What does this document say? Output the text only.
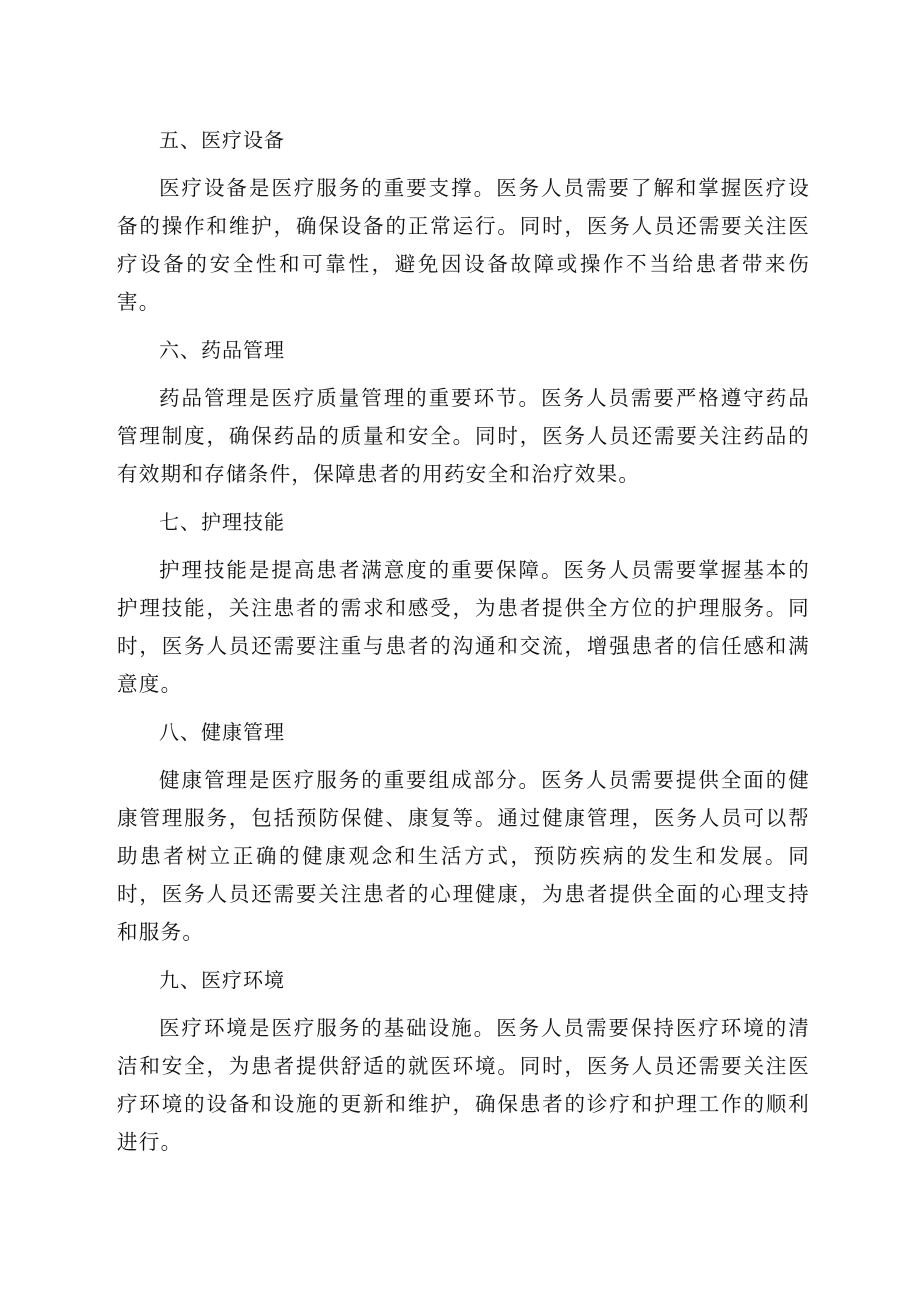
五、医疗设备

医疗设备是医疗服务的重要支撑。医务人员需要了解和掌握医疗设备的操作和维护，确保设备的正常运行。同时，医务人员还需要关注医疗设备的安全性和可靠性，避免因设备故障或操作不当给患者带来伤害。

六、药品管理

药品管理是医疗质量管理的重要环节。医务人员需要严格遵守药品管理制度，确保药品的质量和安全。同时，医务人员还需要关注药品的有效期和存储条件，保障患者的用药安全和治疗效果。

七、护理技能

护理技能是提高患者满意度的重要保障。医务人员需要掌握基本的护理技能，关注患者的需求和感受，为患者提供全方位的护理服务。同时，医务人员还需要注重与患者的沟通和交流，增强患者的信任感和满意度。

八、健康管理

健康管理是医疗服务的重要组成部分。医务人员需要提供全面的健康管理服务，包括预防保健、康复等。通过健康管理，医务人员可以帮助患者树立正确的健康观念和生活方式，预防疾病的发生和发展。同时，医务人员还需要关注患者的心理健康，为患者提供全面的心理支持和服务。

九、医疗环境

医疗环境是医疗服务的基础设施。医务人员需要保持医疗环境的清洁和安全，为患者提供舒适的就医环境。同时，医务人员还需要关注医疗环境的设备和设施的更新和维护，确保患者的诊疗和护理工作的顺利进行。
